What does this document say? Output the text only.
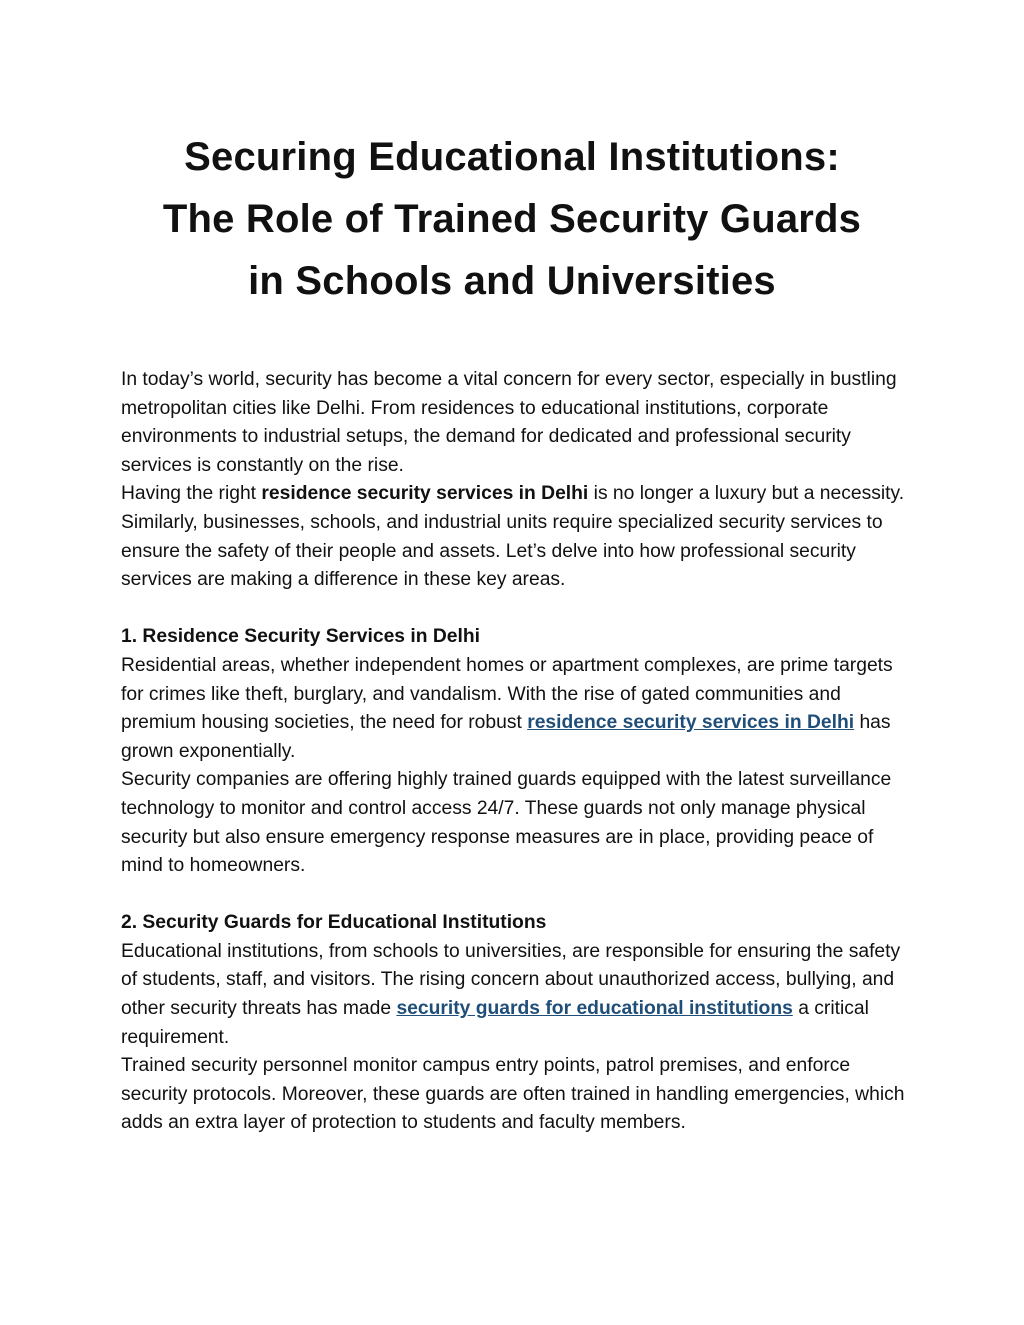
Securing Educational Institutions:
The Role of Trained Security Guards
in Schools and Universities

In today’s world, security has become a vital concern for every sector, especially in bustling metropolitan cities like Delhi. From residences to educational institutions, corporate environments to industrial setups, the demand for dedicated and professional security services is constantly on the rise.

Having the right residence security services in Delhi is no longer a luxury but a necessity. Similarly, businesses, schools, and industrial units require specialized security services to ensure the safety of their people and assets. Let’s delve into how professional security services are making a difference in these key areas.

1. Residence Security Services in Delhi

Residential areas, whether independent homes or apartment complexes, are prime targets for crimes like theft, burglary, and vandalism. With the rise of gated communities and premium housing societies, the need for robust residence security services in Delhi has grown exponentially.

Security companies are offering highly trained guards equipped with the latest surveillance technology to monitor and control access 24/7. These guards not only manage physical security but also ensure emergency response measures are in place, providing peace of mind to homeowners.

2. Security Guards for Educational Institutions

Educational institutions, from schools to universities, are responsible for ensuring the safety of students, staff, and visitors. The rising concern about unauthorized access, bullying, and other security threats has made security guards for educational institutions a critical requirement.

Trained security personnel monitor campus entry points, patrol premises, and enforce security protocols. Moreover, these guards are often trained in handling emergencies, which adds an extra layer of protection to students and faculty members.
